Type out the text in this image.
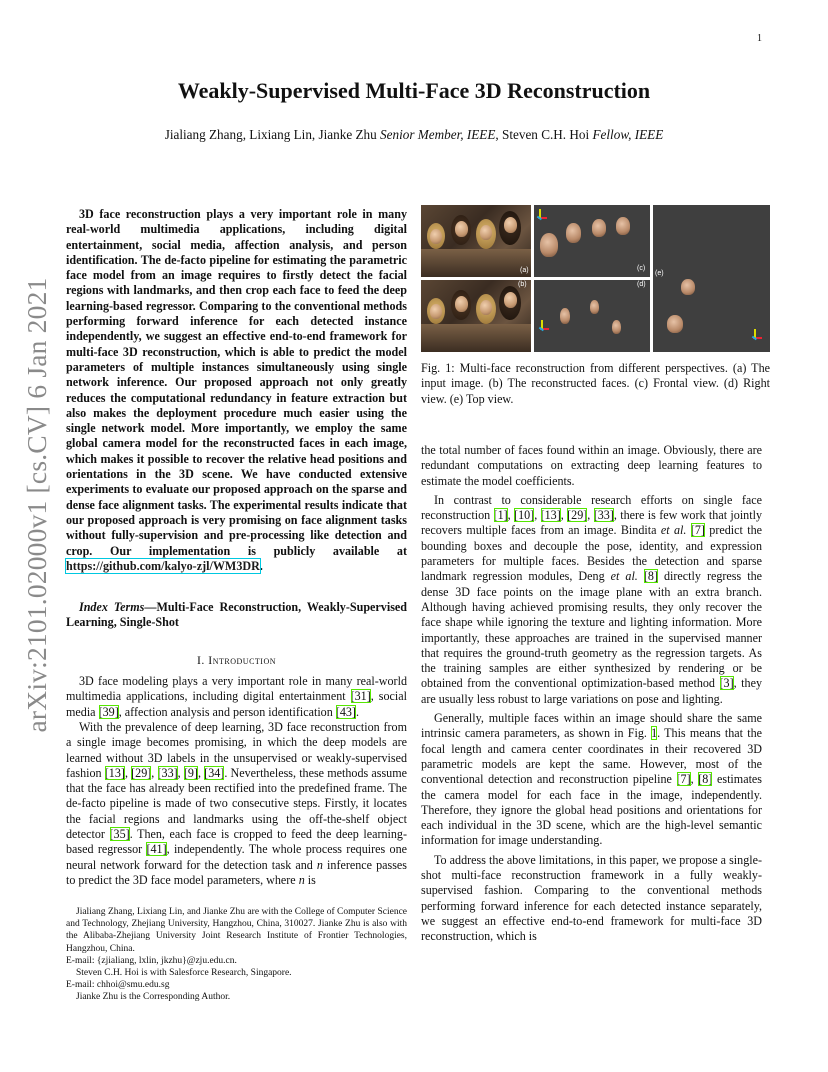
1
arXiv:2101.02000v1 [cs.CV] 6 Jan 2021
Weakly-Supervised Multi-Face 3D Reconstruction
Jialiang Zhang, Lixiang Lin, Jianke Zhu Senior Member, IEEE, Steven C.H. Hoi Fellow, IEEE

3D face reconstruction plays a very important role in many real-world multimedia applications, including digital entertainment, social media, affection analysis, and person identification. The de-facto pipeline for estimating the parametric face model from an image requires to firstly detect the facial regions with landmarks, and then crop each face to feed the deep learning-based regressor. Comparing to the conventional methods performing forward inference for each detected instance independently, we suggest an effective end-to-end framework for multi-face 3D reconstruction, which is able to predict the model parameters of multiple instances simultaneously using single network inference. Our proposed approach not only greatly reduces the computational redundancy in feature extraction but also makes the deployment procedure much easier using the single network model. More importantly, we employ the same global camera model for the reconstructed faces in each image, which makes it possible to recover the relative head positions and orientations in the 3D scene. We have conducted extensive experiments to evaluate our proposed approach on the sparse and dense face alignment tasks. The experimental results indicate that our proposed approach is very promising on face alignment tasks without fully-supervision and pre-processing like detection and crop. Our implementation is publicly available at https://github.com/kalyo-zjl/WM3DR.

Index Terms—Multi-Face Reconstruction, Weakly-Supervised Learning, Single-Shot

I. Introduction

3D face modeling plays a very important role in many real-world multimedia applications, including digital entertainment [31], social media [39], affection analysis and person identification [43].

With the prevalence of deep learning, 3D face reconstruction from a single image becomes promising, in which the deep models are learned without 3D labels in the unsupervised or weakly-supervised fashion [13], [29], [33], [9], [34]. Nevertheless, these methods assume that the face has already been rectified into the predefined frame. The de-facto pipeline is made of two consecutive steps. Firstly, it locates the facial regions and landmarks using the off-the-shelf object detector [35]. Then, each face is cropped to feed the deep learning-based regressor [41], independently. The whole process requires one neural network forward for the detection task and n inference passes to predict the 3D face model parameters, where n is

Jialiang Zhang, Lixiang Lin, and Jianke Zhu are with the College of Computer Science and Technology, Zhejiang University, Hangzhou, China, 310027. Jianke Zhu is also with the Alibaba-Zhejiang University Joint Research Institute of Frontier Technologies, Hangzhou, China.

E-mail: {zjialiang, lxlin, jkzhu}@zju.edu.cn.

Steven C.H. Hoi is with Salesforce Research, Singapore.

E-mail: chhoi@smu.edu.sg

Jianke Zhu is the Corresponding Author.

(a)
(b)
(c)
(d)
(e)
Fig. 1: Multi-face reconstruction from different perspectives. (a) The input image. (b) The reconstructed faces. (c) Frontal view. (d) Right view. (e) Top view.

the total number of faces found within an image. Obviously, there are redundant computations on extracting deep learning features to estimate the model coefficients.

In contrast to considerable research efforts on single face reconstruction [1], [10], [13], [29], [33], there is few work that jointly recovers multiple faces from an image. Bindita et al. [7] predict the bounding boxes and decouple the pose, identity, and expression parameters for multiple faces. Besides the detection and sparse landmark regression modules, Deng et al. [8] directly regress the dense 3D face points on the image plane with an extra branch. Although having achieved promising results, they only recover the face shape while ignoring the texture and lighting information. More importantly, these approaches are trained in the supervised manner that requires the ground-truth geometry as the regression targets. As the training samples are either synthesized by rendering or be obtained from the conventional optimization-based method [3], they are usually less robust to large variations on pose and lighting.

Generally, multiple faces within an image should share the same intrinsic camera parameters, as shown in Fig. 1. This means that the focal length and camera center coordinates in their recovered 3D parametric models are kept the same. However, most of the conventional detection and reconstruction pipeline [7], [8] estimates the camera model for each face in the image, independently. Therefore, they ignore the global head positions and orientations for each individual in the 3D scene, which are the high-level semantic information for image understanding.

To address the above limitations, in this paper, we propose a single-shot multi-face reconstruction framework in a fully weakly-supervised fashion. Comparing to the conventional methods performing forward inference for each detected instance separately, we suggest an effective end-to-end framework for multi-face 3D reconstruction, which is
